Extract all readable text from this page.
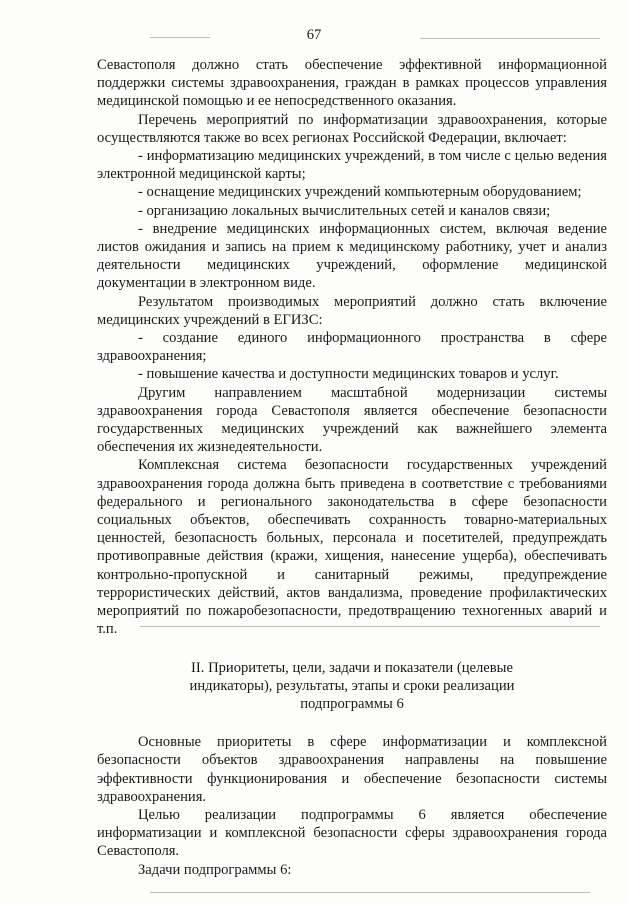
67

Севастополя должно стать обеспечение эффективной информационной поддержки системы здравоохранения, граждан в рамках процессов управления медицинской помощью и ее непосредственного оказания.

Перечень мероприятий по информатизации здравоохранения, которые осуществляются также во всех регионах Российской Федерации, включает:

- информатизацию медицинских учреждений, в том числе с целью ведения электронной медицинской карты;

- оснащение медицинских учреждений компьютерным оборудованием;

- организацию локальных вычислительных сетей и каналов связи;

- внедрение медицинских информационных систем, включая ведение листов ожидания и запись на прием к медицинскому работнику, учет и анализ деятельности медицинских учреждений, оформление медицинской документации в электронном виде.

Результатом производимых мероприятий должно стать включение медицинских учреждений в ЕГИЗС:

- создание единого информационного пространства в сфере здравоохранения;

- повышение качества и доступности медицинских товаров и услуг.

Другим направлением масштабной модернизации системы здравоохранения города Севастополя является обеспечение безопасности государственных медицинских учреждений как важнейшего элемента обеспечения их жизнедеятельности.

Комплексная система безопасности государственных учреждений здравоохранения города должна быть приведена в соответствие с требованиями федерального и регионального законодательства в сфере безопасности социальных объектов, обеспечивать сохранность товарно-материальных ценностей, безопасность больных, персонала и посетителей, предупреждать противоправные действия (кражи, хищения, нанесение ущерба), обеспечивать контрольно-пропускной и санитарный режимы, предупреждение террористических действий, актов вандализма, проведение профилактических мероприятий по пожаробезопасности, предотвращению техногенных аварий и т.п.

II. Приоритеты, цели, задачи и показатели (целевые
индикаторы), результаты, этапы и сроки реализации
подпрограммы 6

Основные приоритеты в сфере информатизации и комплексной безопасности объектов здравоохранения направлены на повышение эффективности функционирования и обеспечение безопасности системы здравоохранения.

Целью реализации подпрограммы 6 является обеспечение информатизации и комплексной безопасности сферы здравоохранения города Севастополя.

Задачи подпрограммы 6:
